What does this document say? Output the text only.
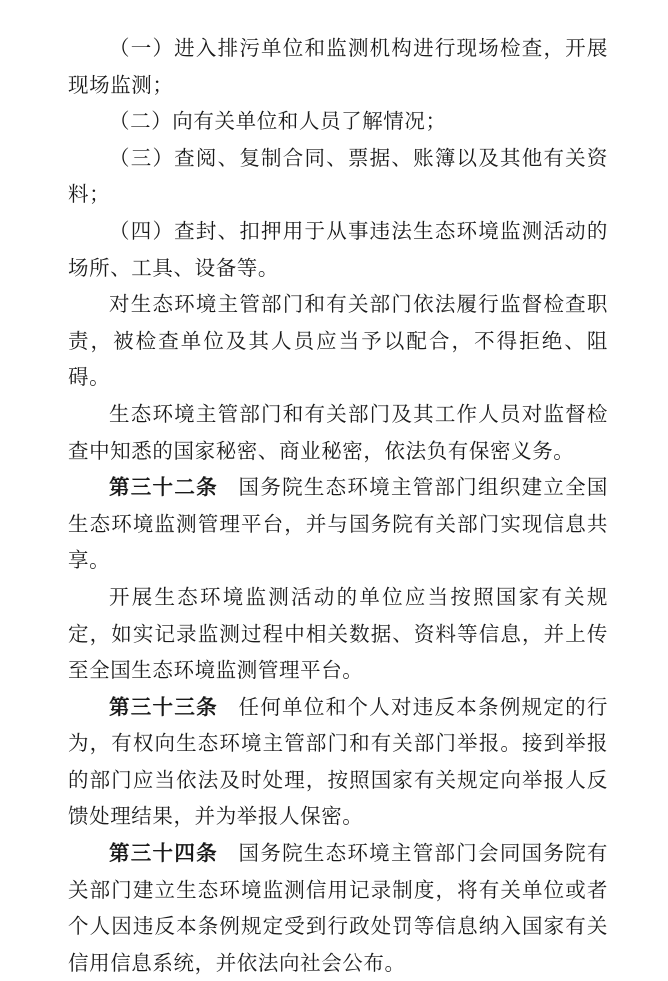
（一）进入排污单位和监测机构进行现场检查，开展现场监测；

（二）向有关单位和人员了解情况；

（三）查阅、复制合同、票据、账簿以及其他有关资料；

（四）查封、扣押用于从事违法生态环境监测活动的场所、工具、设备等。

对生态环境主管部门和有关部门依法履行监督检查职责，被检查单位及其人员应当予以配合，不得拒绝、阻碍。

生态环境主管部门和有关部门及其工作人员对监督检查中知悉的国家秘密、商业秘密，依法负有保密义务。

第三十二条 国务院生态环境主管部门组织建立全国生态环境监测管理平台，并与国务院有关部门实现信息共享。

开展生态环境监测活动的单位应当按照国家有关规定，如实记录监测过程中相关数据、资料等信息，并上传至全国生态环境监测管理平台。

第三十三条 任何单位和个人对违反本条例规定的行为，有权向生态环境主管部门和有关部门举报。接到举报的部门应当依法及时处理，按照国家有关规定向举报人反馈处理结果，并为举报人保密。

第三十四条 国务院生态环境主管部门会同国务院有关部门建立生态环境监测信用记录制度，将有关单位或者个人因违反本条例规定受到行政处罚等信息纳入国家有关信用信息系统，并依法向社会公布。
